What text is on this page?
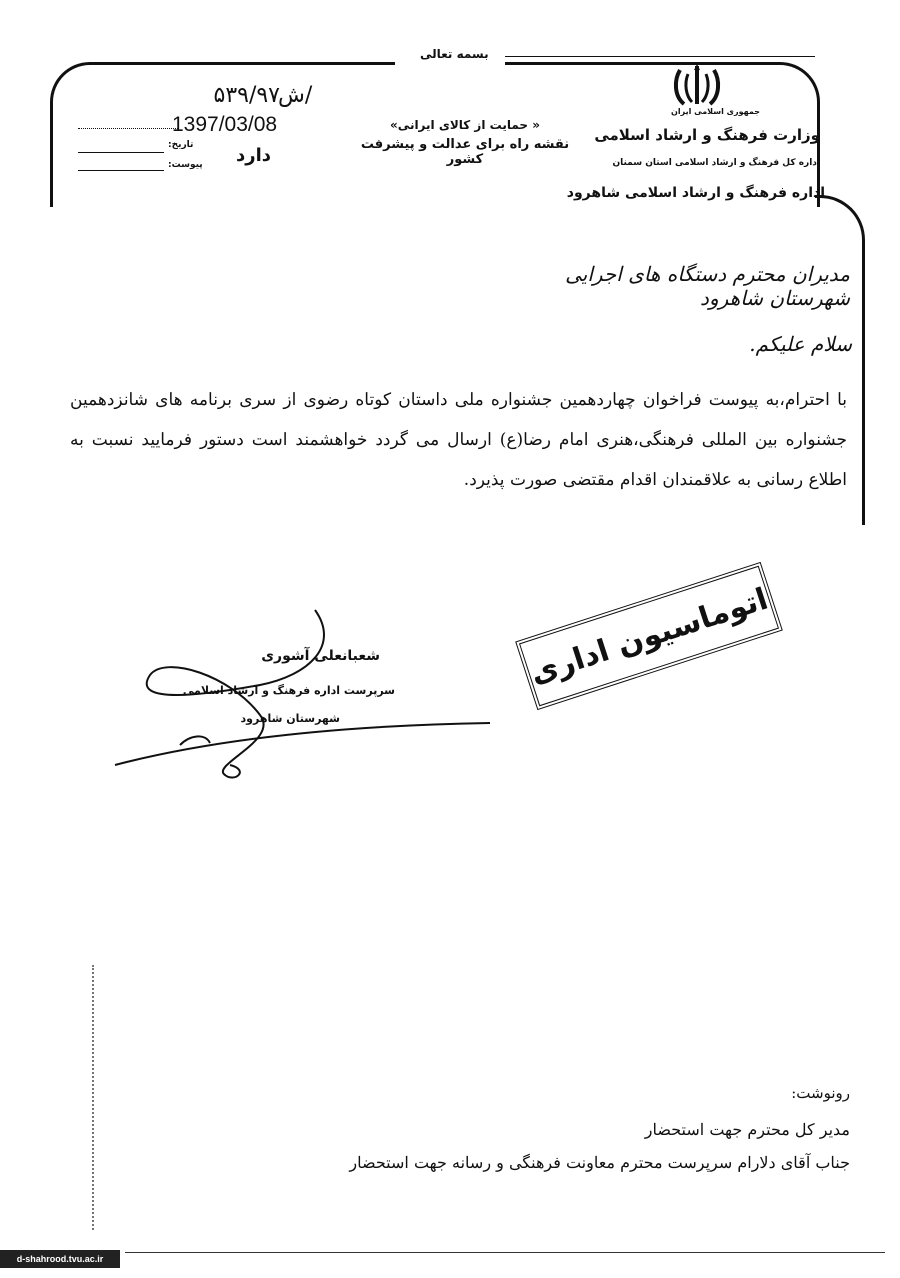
بسمه تعالی
جمهوری اسلامی ایران
وزارت فرهنگ و ارشاد اسلامی
اداره کل فرهنگ و ارشاد اسلامی استان سمنان
اداره فرهنگ و ارشاد اسلامی شاهرود
« حمایت از کالای ایرانی»
نقشه راه برای عدالت و پیشرفت کشور
ش/
۵۳۹/۹۷
1397/03/08
تاریخ:
پیوست: دارد
مدیران محترم دستگاه های اجرایی شهرستان شاهرود
سلام علیکم.
با احترام،به پیوست فراخوان چهاردهمین جشنواره ملی داستان کوتاه رضوی از سری برنامه های شانزدهمین جشنواره بین المللی فرهنگی،هنری امام رضا(ع) ارسال می گردد خواهشمند است دستور فرمایید نسبت به اطلاع رسانی به علاقمندان اقدام مقتضی صورت پذیرد.
اتوماسیون اداری
شعبانعلی آشوری
سرپرست اداره فرهنگ و ارشاد اسلامی
شهرستان شاهرود
رونوشت:
مدیر کل محترم جهت استحضار
جناب آقای دلارام سرپرست محترم معاونت فرهنگی و رسانه جهت استحضار
d-shahrood.tvu.ac.ir
